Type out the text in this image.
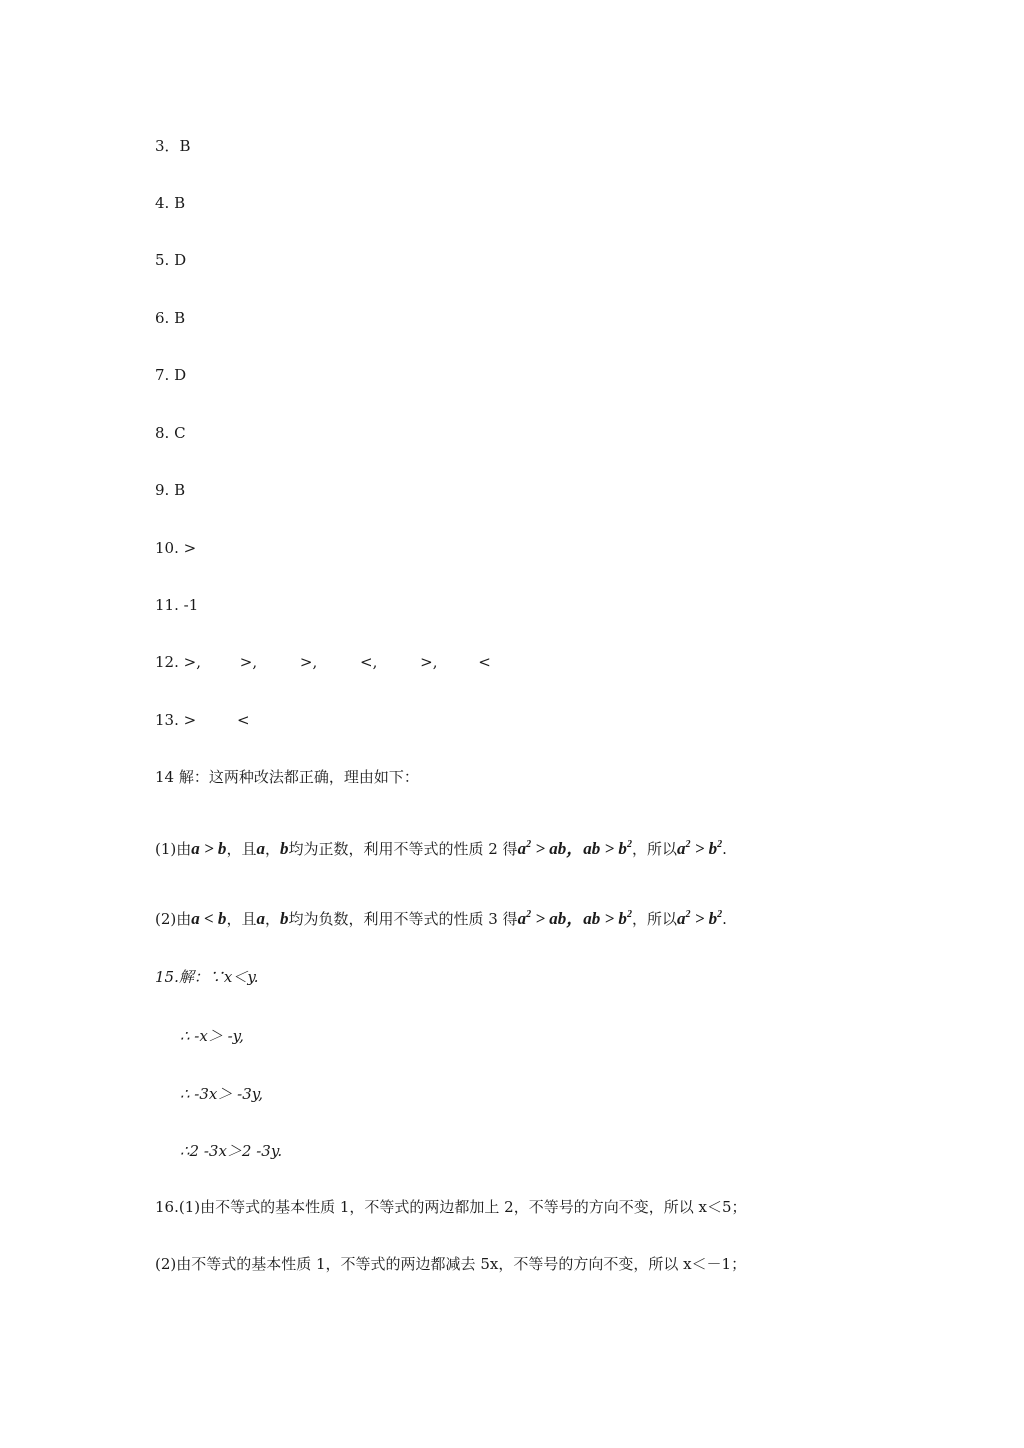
3．B
4. B
5. D
6. B
7. D
8. C
9. B
10. >
11. -1
12. >,	>,	>,	<,	>,	<
13. >	<
14 解：这两种改法都正确，理由如下：
(1)由a > b，且a，b均为正数，利用不等式的性质 2 得$a^2$ > ab，ab > $b^2$，所以$a^2 > b^2$.
(2)由a < b，且a，b均为负数，利用不等式的性质 3 得$a^2$ > ab，ab > $b^2$，所以$a^2 > b^2$.
15.解：∵x＜y.
∴ -x＞ -y,
∴ -3x＞ -3y,
∴2 -3x＞2 -3y.
16.(1)由不等式的基本性质 1，不等式的两边都加上 2，不等号的方向不变，所以 x＜5；
(2)由不等式的基本性质 1，不等式的两边都减去 5x，不等号的方向不变，所以 x＜－1；
